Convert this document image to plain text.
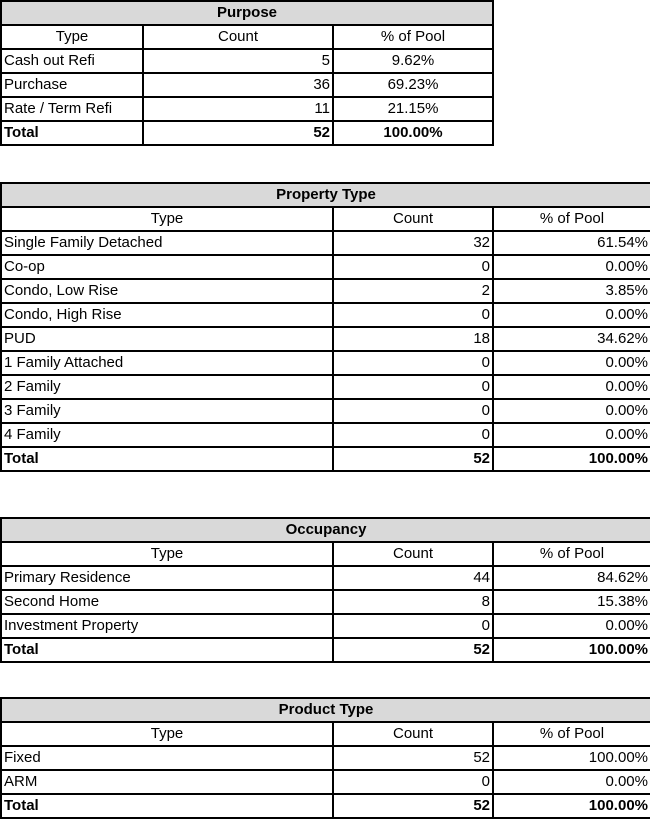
Purpose		
Type	Count	% of Pool
Cash out Refi	5	9.62%
Purchase	36	69.23%
Rate / Term Refi	11	21.15%
Total	52	100.00%
Property Type		
Type	Count	% of Pool
Single Family Detached	32	61.54%
Co-op	0	0.00%
Condo, Low Rise	2	3.85%
Condo, High Rise	0	0.00%
PUD	18	34.62%
1 Family Attached	0	0.00%
2 Family	0	0.00%
3 Family	0	0.00%
4 Family	0	0.00%
Total	52	100.00%
Occupancy		
Type	Count	% of Pool
Primary Residence	44	84.62%
Second Home	8	15.38%
Investment Property	0	0.00%
Total	52	100.00%
Product Type		
Type	Count	% of Pool
Fixed	52	100.00%
ARM	0	0.00%
Total	52	100.00%
